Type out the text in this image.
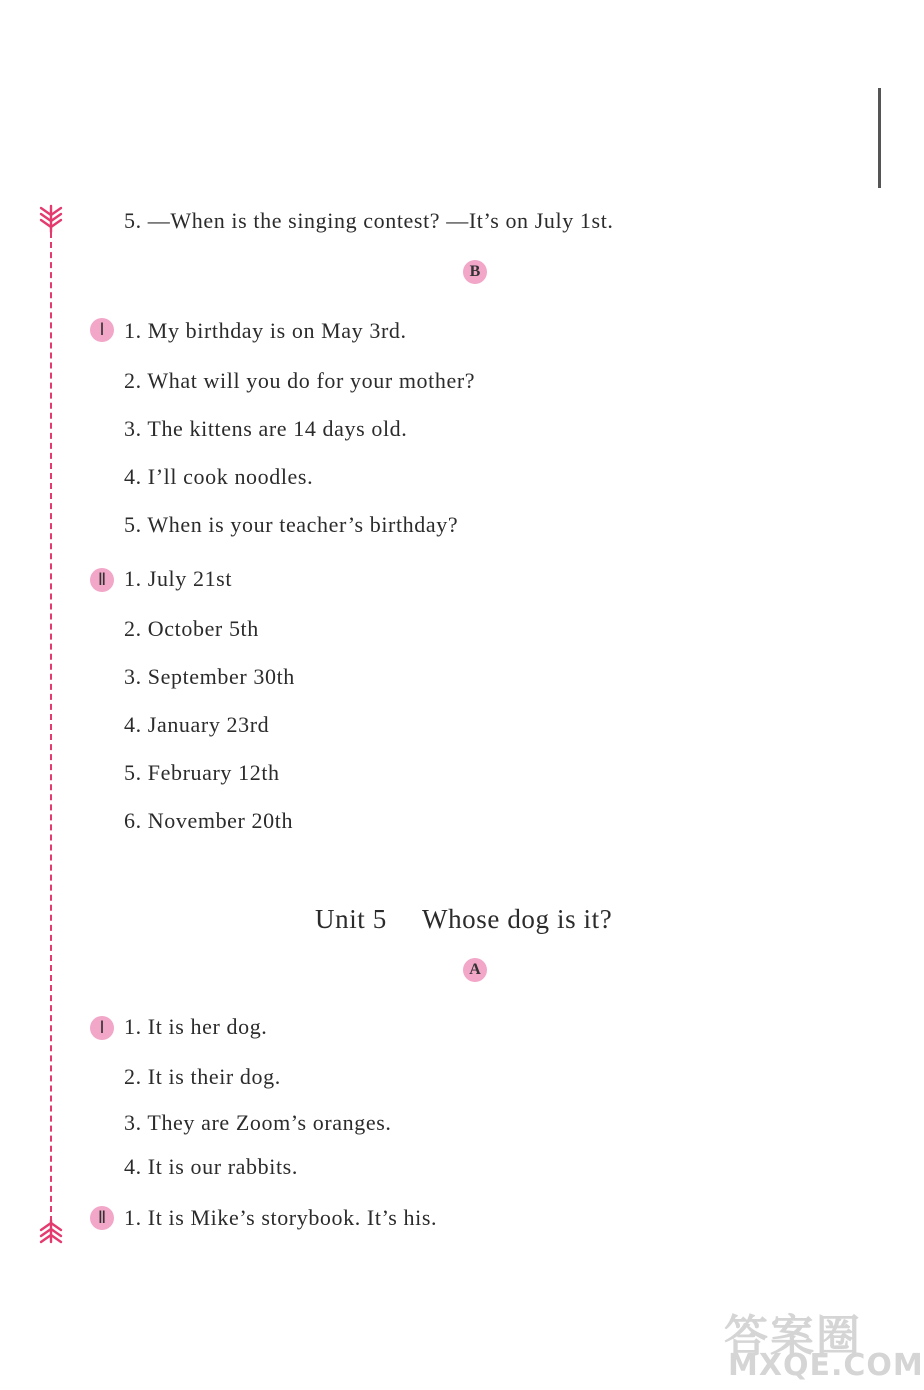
5. —When is the singing contest? —It’s on July 1st.
B
Ⅰ 1. My birthday is on May 3rd.
2. What will you do for your mother?
3. The kittens are 14 days old.
4. I’ll cook noodles.
5. When is your teacher’s birthday?
Ⅱ 1. July 21st
2. October 5th
3. September 30th
4. January 23rd
5. February 12th
6. November 20th
Unit 5 Whose dog is it?
A
Ⅰ 1. It is her dog.
2. It is their dog.
3. They are Zoom’s oranges.
4. It is our rabbits.
Ⅱ 1. It is Mike’s storybook. It’s his.
答案圈
MXQE.COM
